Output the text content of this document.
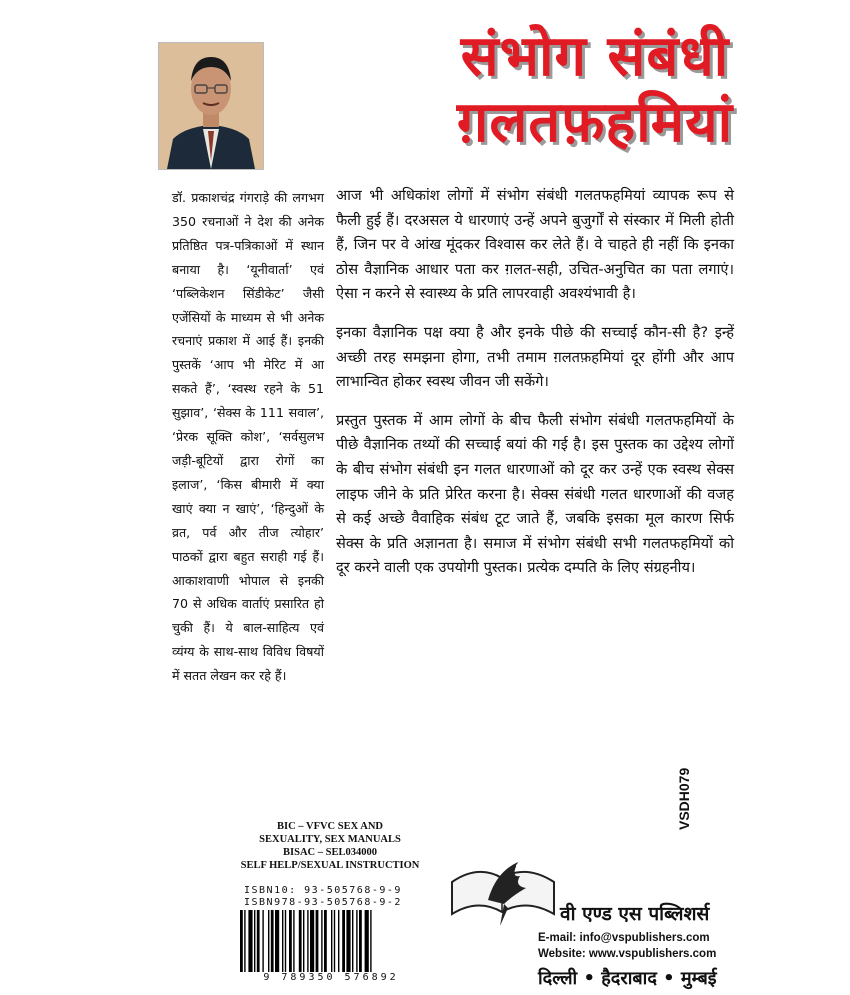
संभोग संबंधी
ग़लतफ़हमियां
डॉ. प्रकाशचंद्र गंगराड़े की लगभग 350 रचनाओं ने देश की अनेक प्रतिष्ठित पत्र-पत्रिकाओं में स्थान बनाया है। ‘यूनीवार्ता’ एवं ‘पब्लिकेशन सिंडीकेट’ जैसी एजेंसियों के माध्यम से भी अनेक रचनाएं प्रकाश में आई हैं। इनकी पुस्तकें ‘आप भी मेरिट में आ सकते हैं’, ‘स्वस्थ रहने के 51 सुझाव’, ‘सेक्स के 111 सवाल’, ‘प्रेरक सूक्ति कोश’, ‘सर्वसुलभ जड़ी-बूटियों द्वारा रोगों का इलाज’, ‘किस बीमारी में क्या खाएं क्या न खाएं’, ‘हिन्दुओं के व्रत, पर्व और तीज त्योहार’ पाठकों द्वारा बहुत सराही गई हैं। आकाशवाणी भोपाल से इनकी 70 से अधिक वार्ताएं प्रसारित हो चुकी हैं। ये बाल-साहित्य एवं व्यंग्य के साथ-साथ विविध विषयों में सतत लेखन कर रहे हैं।

आज भी अधिकांश लोगों में संभोग संबंधी गलतफहमियां व्यापक रूप से फैली हुई हैं। दरअसल ये धारणाएं उन्हें अपने बुजुर्गों से संस्कार में मिली होती हैं, जिन पर वे आंख मूंदकर विश्वास कर लेते हैं। वे चाहते ही नहीं कि इनका ठोस वैज्ञानिक आधार पता कर ग़लत-सही, उचित-अनुचित का पता लगाएं। ऐसा न करने से स्वास्थ्य के प्रति लापरवाही अवश्यंभावी है।

इनका वैज्ञानिक पक्ष क्या है और इनके पीछे की सच्चाई कौन-सी है? इन्हें अच्छी तरह समझना होगा, तभी तमाम ग़लतफ़हमियां दूर होंगी और आप लाभान्वित होकर स्वस्थ जीवन जी सकेंगे।

प्रस्तुत पुस्तक में आम लोगों के बीच फैली संभोग संबंधी गलतफहमियों के पीछे वैज्ञानिक तथ्यों की सच्चाई बयां की गई है। इस पुस्तक का उद्देश्य लोगों के बीच संभोग संबंधी इन गलत धारणाओं को दूर कर उन्हें एक स्वस्थ सेक्स लाइफ जीने के प्रति प्रेरित करना है। सेक्स संबंधी गलत धारणाओं की वजह से कई अच्छे वैवाहिक संबंध टूट जाते हैं, जबकि इसका मूल कारण सिर्फ सेक्स के प्रति अज्ञानता है। समाज में संभोग संबंधी सभी गलतफहमियों को दूर करने वाली एक उपयोगी पुस्तक। प्रत्येक दम्पति के लिए संग्रहनीय।

BIC – VFVC SEX AND
SEXUALITY, SEX MANUALS
BISAC – SEL034000
SELF HELP/SEXUAL INSTRUCTION
ISBN10: 93-505768-9-9
ISBN978-93-505768-9-2
9 789350 576892
VSDH079
वी एण्ड एस पब्लिशर्स
E-mail: info@vspublishers.com
Website: www.vspublishers.com
दिल्ली • हैदराबाद • मुम्बई
